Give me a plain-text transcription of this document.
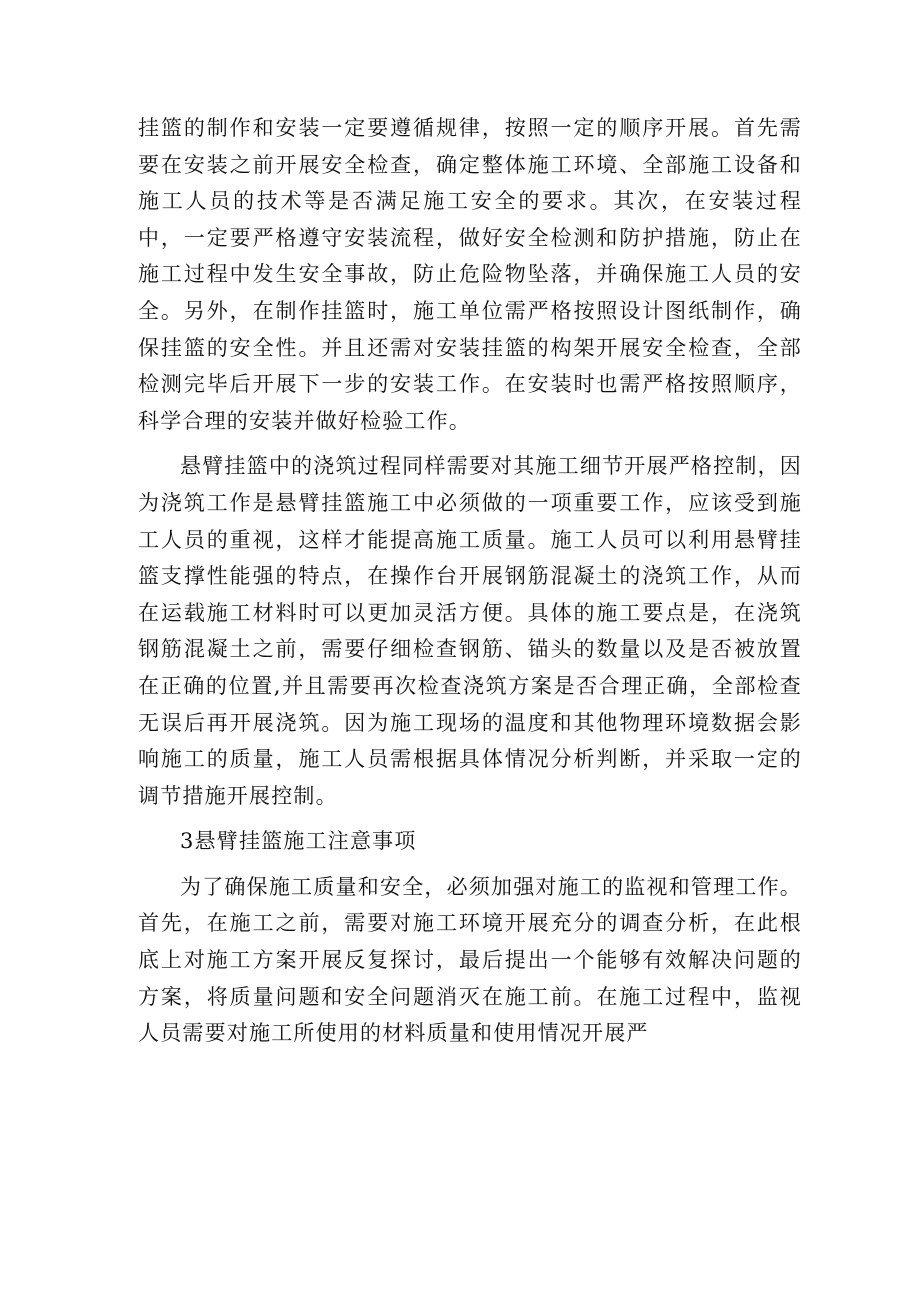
挂篮的制作和安装一定要遵循规律，按照一定的顺序开展。首先需要在安装之前开展安全检查，确定整体施工环境、全部施工设备和施工人员的技术等是否满足施工安全的要求。其次，在安装过程中，一定要严格遵守安装流程，做好安全检测和防护措施，防止在施工过程中发生安全事故，防止危险物坠落，并确保施工人员的安全。另外，在制作挂篮时，施工单位需严格按照设计图纸制作，确保挂篮的安全性。并且还需对安装挂篮的构架开展安全检查，全部检测完毕后开展下一步的安装工作。在安装时也需严格按照顺序，科学合理的安装并做好检验工作。

悬臂挂篮中的浇筑过程同样需要对其施工细节开展严格控制，因为浇筑工作是悬臂挂篮施工中必须做的一项重要工作，应该受到施工人员的重视，这样才能提高施工质量。施工人员可以利用悬臂挂篮支撑性能强的特点，在操作台开展钢筋混凝土的浇筑工作，从而在运载施工材料时可以更加灵活方便。具体的施工要点是，在浇筑钢筋混凝土之前，需要仔细检查钢筋、锚头的数量以及是否被放置在正确的位置,并且需要再次检查浇筑方案是否合理正确，全部检查无误后再开展浇筑。因为施工现场的温度和其他物理环境数据会影响施工的质量，施工人员需根据具体情况分析判断，并采取一定的调节措施开展控制。

3悬臂挂篮施工注意事项

为了确保施工质量和安全，必须加强对施工的监视和管理工作。首先，在施工之前，需要对施工环境开展充分的调查分析，在此根底上对施工方案开展反复探讨，最后提出一个能够有效解决问题的方案，将质量问题和安全问题消灭在施工前。在施工过程中，监视人员需要对施工所使用的材料质量和使用情况开展严
